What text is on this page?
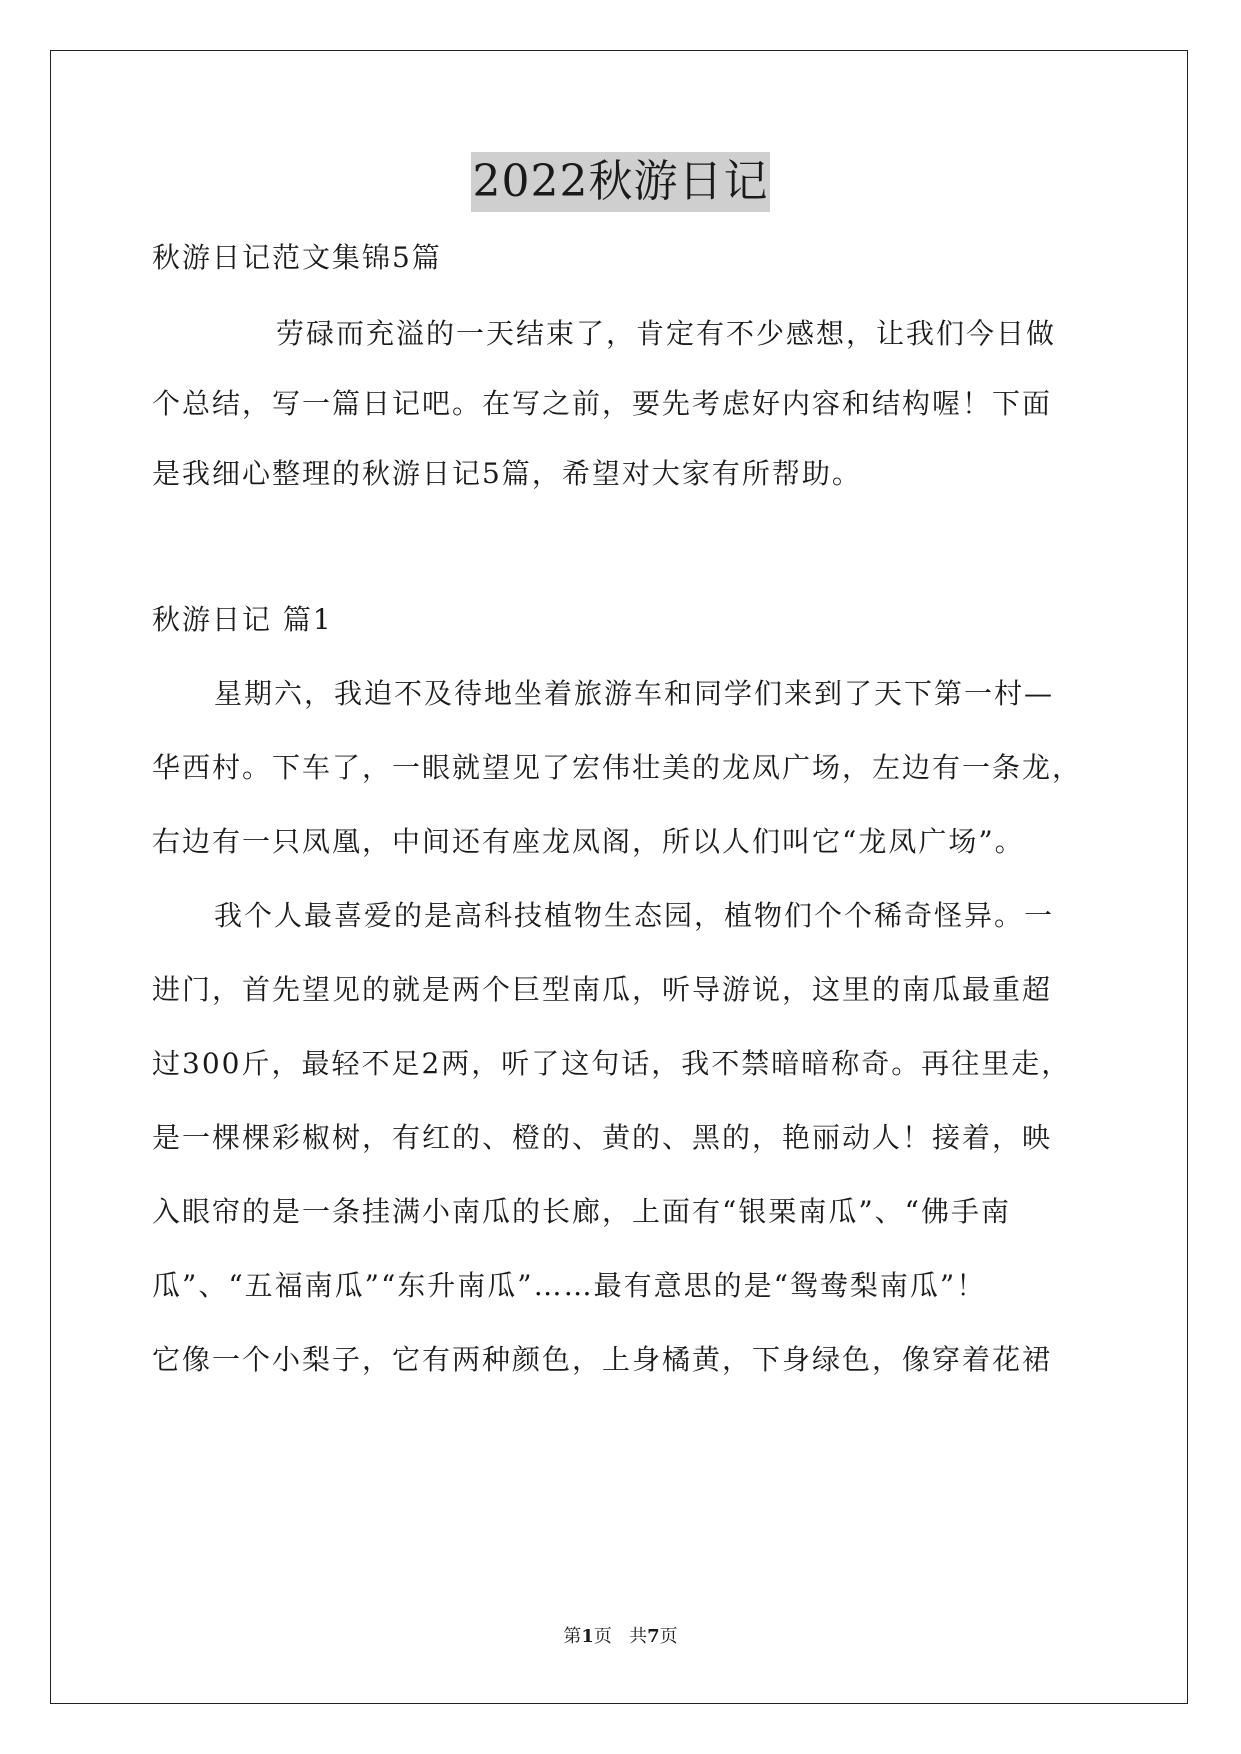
2022秋游日记
秋游日记范文集锦5篇
劳碌而充溢的一天结束了，肯定有不少感想，让我们今日做
个总结，写一篇日记吧。在写之前，要先考虑好内容和结构喔！下面
是我细心整理的秋游日记5篇，希望对大家有所帮助。
秋游日记 篇1
星期六，我迫不及待地坐着旅游车和同学们来到了天下第一村—
华西村。下车了，一眼就望见了宏伟壮美的龙凤广场，左边有一条龙，
右边有一只凤凰，中间还有座龙凤阁，所以人们叫它“龙凤广场”。
我个人最喜爱的是高科技植物生态园，植物们个个稀奇怪异。一
进门，首先望见的就是两个巨型南瓜，听导游说，这里的南瓜最重超
过300斤，最轻不足2两，听了这句话，我不禁暗暗称奇。再往里走，
是一棵棵彩椒树，有红的、橙的、黄的、黑的，艳丽动人！接着，映
入眼帘的是一条挂满小南瓜的长廊，上面有“银栗南瓜”、“佛手南
瓜”、“五福南瓜”“东升南瓜”……最有意思的是“鸳鸯梨南瓜”！
它像一个小梨子，它有两种颜色，上身橘黄，下身绿色，像穿着花裙
第1页   共7页
